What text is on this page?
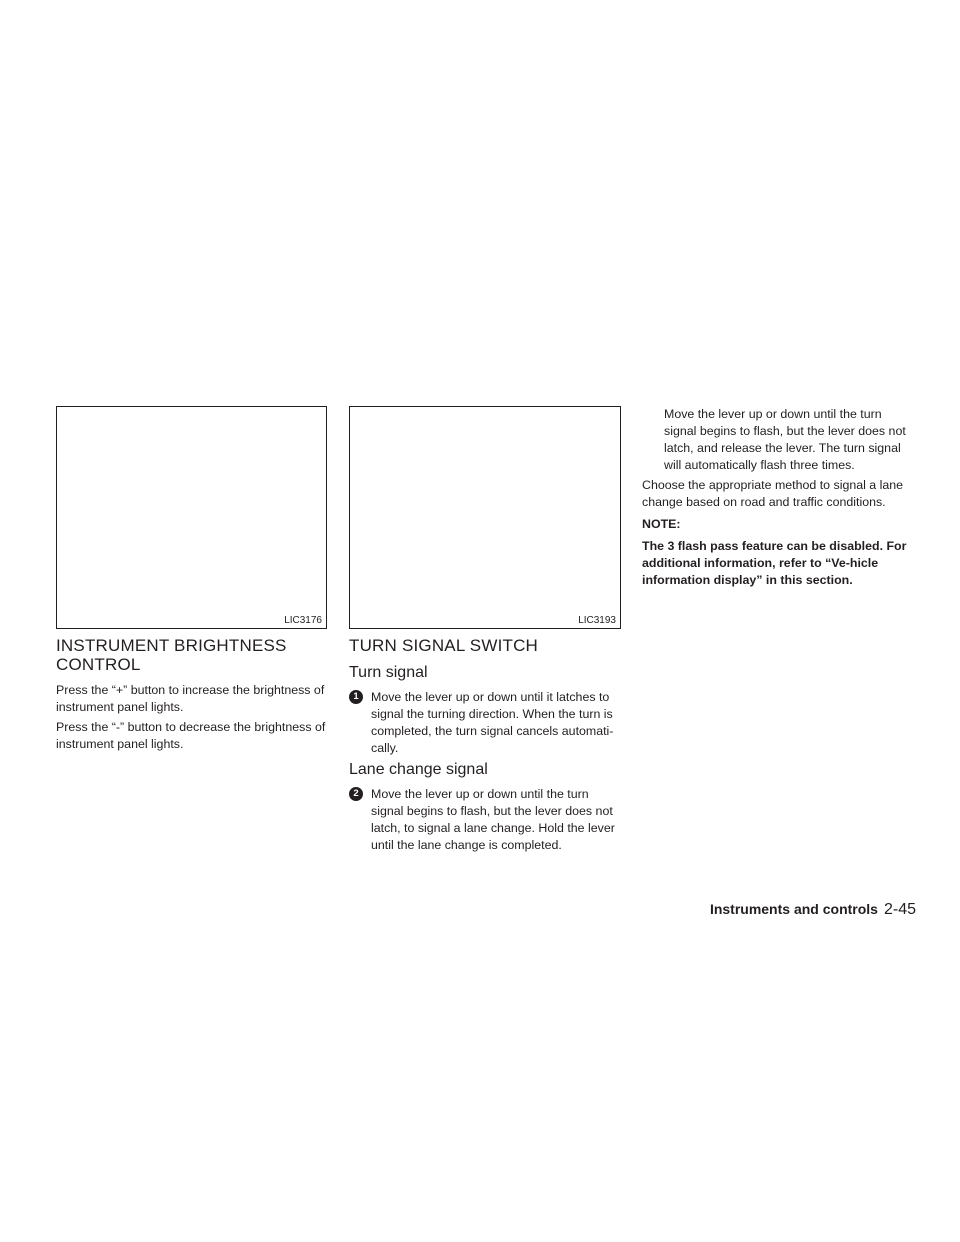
LIC3176	LIC3193
INSTRUMENT BRIGHTNESS
CONTROL

Press the “+” button to increase the brightness of instrument panel lights.

Press the “-” button to decrease the brightness of instrument panel lights.

TURN SIGNAL SWITCH
Turn signal
1 Move the lever up or down until it latches to signal the turning direction. When the turn is completed, the turn signal cancels automati-cally.

Lane change signal
2 Move the lever up or down until the turn signal begins to flash, but the lever does not latch, to signal a lane change. Hold the lever until the lane change is completed.

Move the lever up or down until the turn signal begins to flash, but the lever does not latch, and release the lever. The turn signal will automatically flash three times.

Choose the appropriate method to signal a lane change based on road and traffic conditions.

NOTE:

The 3 flash pass feature can be disabled. For additional information, refer to “Ve-hicle information display” in this section.

Instruments and controls 2-45
